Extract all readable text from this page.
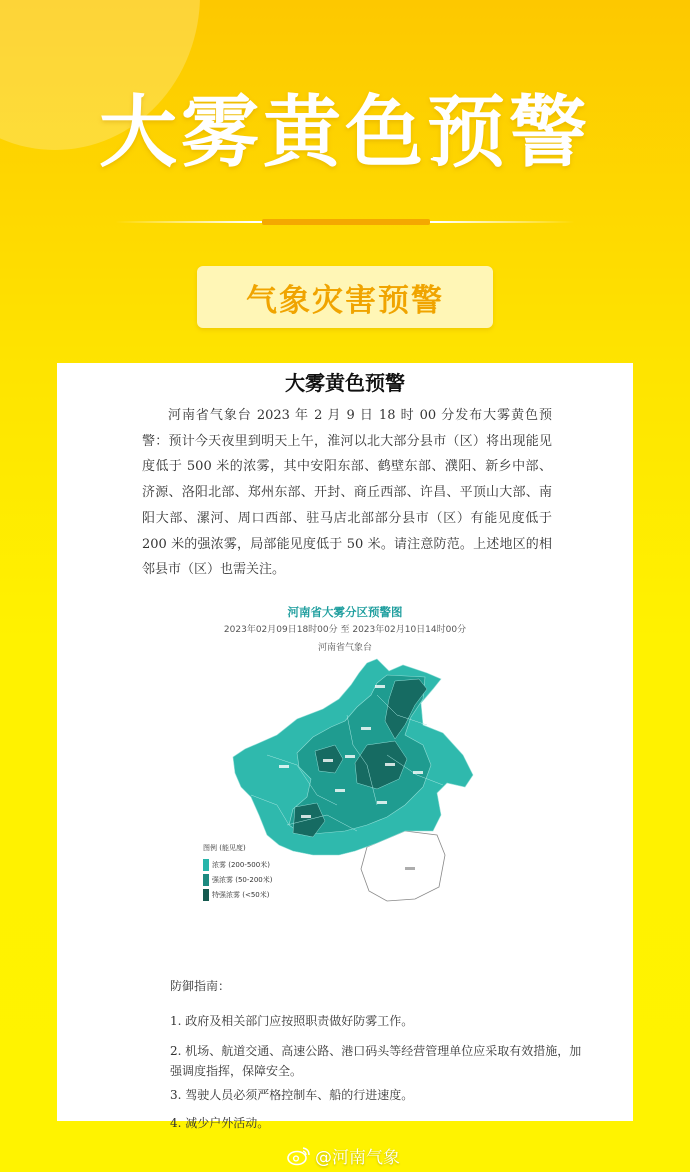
大雾黄色预警
气象灾害预警
大雾黄色预警

河南省气象台 2023 年 2 月 9 日 18 时 00 分发布大雾黄色预警：预计今天夜里到明天上午，淮河以北大部分县市（区）将出现能见度低于 500 米的浓雾，其中安阳东部、鹤壁东部、濮阳、新乡中部、济源、洛阳北部、郑州东部、开封、商丘西部、许昌、平顶山大部、南阳大部、漯河、周口西部、驻马店北部部分县市（区）有能见度低于 200 米的强浓雾，局部能见度低于 50 米。请注意防范。上述地区的相邻县市（区）也需关注。

河南省大雾分区预警图
2023年02月09日18时00分 至 2023年02月10日14时00分
河南省气象台
图例 (能见度)
浓雾 (200-500米)
强浓雾 (50-200米)
特强浓雾 (<50米)
防御指南：
1. 政府及相关部门应按照职责做好防雾工作。
2. 机场、航道交通、高速公路、港口码头等经营管理单位应采取有效措施，加强调度指挥，保障安全。
3. 驾驶人员必须严格控制车、船的行进速度。
4. 减少户外活动。
@河南气象
